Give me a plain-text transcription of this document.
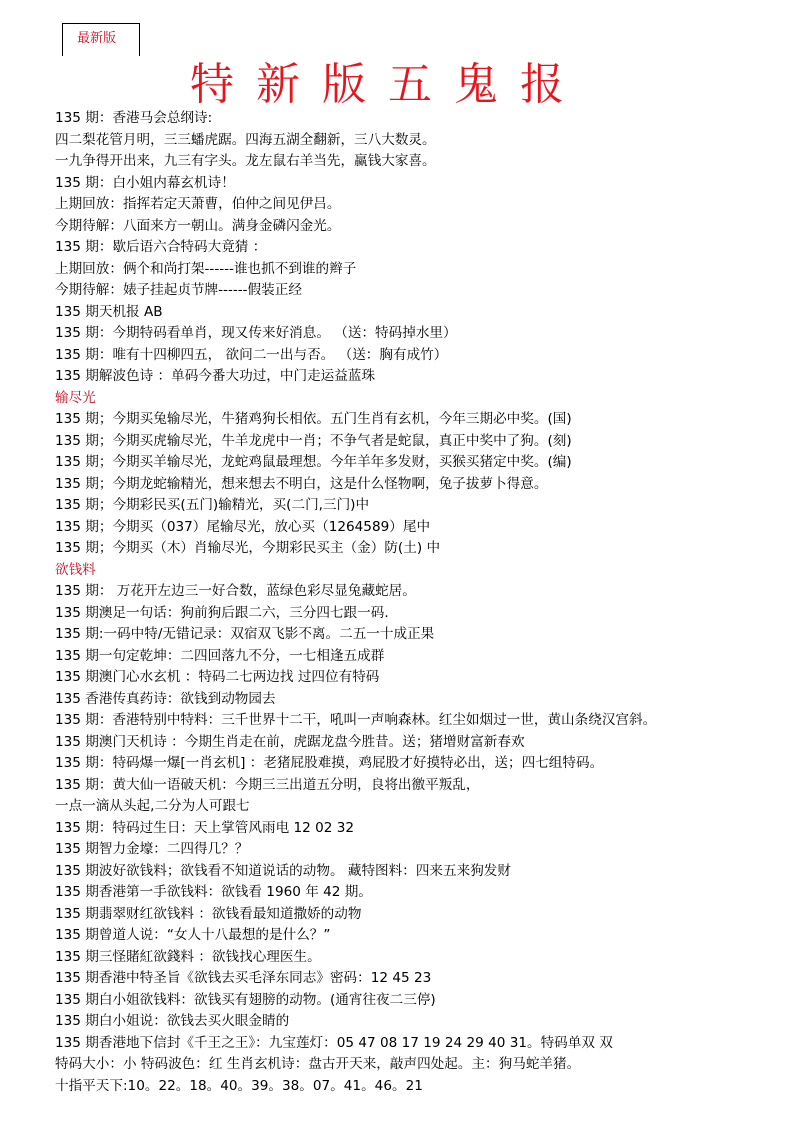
最新版
特新版五鬼报
135 期：香港马会总纲诗:
四二梨花管月明，三三蟠虎踞。四海五湖全翻新，三八大数灵。
一九争得开出来，九三有字头。龙左鼠右羊当先，赢钱大家喜。
135 期：白小姐内幕玄机诗！
上期回放：指挥若定天萧曹，伯仲之间见伊吕。
今期待解：八面来方一朝山。满身金磷闪金光。
135 期：歇后语六合特码大竟猜 ：
上期回放：俩个和尚打架------谁也抓不到谁的辫子
今期待解：婊子挂起贞节牌------假装正经
135 期天机报 AB
135 期：今期特码看单肖，现又传来好消息。 （送：特码掉水里）
135 期：唯有十四柳四五， 欲问二一出与否。 （送：胸有成竹）
135 期解波色诗 ：单码今番大功过，中门走运益蓝珠
输尽光
135 期；今期买兔输尽光，牛猪鸡狗长相依。五门生肖有玄机，今年三期必中奖。(国)
135 期；今期买虎输尽光，牛羊龙虎中一肖；不争气者是蛇鼠，真正中奖中了狗。(刻)
135 期；今期买羊输尽光，龙蛇鸡鼠最理想。今年羊年多发财，买猴买猪定中奖。(编)
135 期；今期龙蛇输精光，想来想去不明白，这是什么怪物啊，兔子拔萝卜得意。
135 期；今期彩民买(五门)输精光，买(二门,三门)中
135 期；今期买（037）尾输尽光，放心买（1264589）尾中
135 期；今期买（木）肖输尽光，今期彩民买主（金）防(土) 中
欲钱料
135 期： 万花开左边三一好合数，蓝绿色彩尽显兔藏蛇居。
135 期澳足一句话：狗前狗后跟二六，三分四七跟一码.
135 期:一码中特/无错记录：双宿双飞影不离。二五一十成正果
135 期一句定乾坤：二四回落九不分，一七相逢五成群
135 期澳门心水玄机 ：特码二七两边找 过四位有特码
135 香港传真药诗：欲钱到动物园去
135 期：香港特别中特料：三千世界十二干，吼叫一声响森林。红尘如烟过一世，黄山条绕汉宫斜。
135 期澳门天机诗 ：今期生肖走在前，虎踞龙盘今胜昔。送；猪增财富新春欢
135 期：特码爆一爆[一肖玄机] ：老猪屁股难摸，鸡屁股才好摸特必出，送；四七组特码。
135 期：黄大仙一语破天机：今期三三出道五分明，良将出徼平叛乱，
一点一滴从头起,二分为人可跟七
135 期：特码过生日：天上掌管风雨电 12 02 32
135 期智力金壕：二四得几？？
135 期波好欲钱料；欲钱看不知道说话的动物。 藏特图料：四来五来狗发财
135 期香港第一手欲钱料：欲钱看 1960 年 42 期。
135 期翡翠财红欲钱料 ：欲钱看最知道撒娇的动物
135 期曾道人说：“女人十八最想的是什么？”
135 期三怪賭紅欲錢料 ：欲钱找心理医生。
135 期香港中特圣旨《欲钱去买毛泽东同志》密码：12 45 23
135 期白小姐欲钱料：欲钱买有翅膀的动物。(通宵往夜二三停)
135 期白小姐说：欲钱去买火眼金睛的
135 期香港地下信封《千王之王》：九宝莲灯：05 47 08 17 19 24 29 40 31。特码单双 双
特码大小：小 特码波色：红 生肖玄机诗：盘古开天来，敲声四处起。主：狗马蛇羊猪。
十指平天下:10。22。18。40。39。38。07。41。46。21
